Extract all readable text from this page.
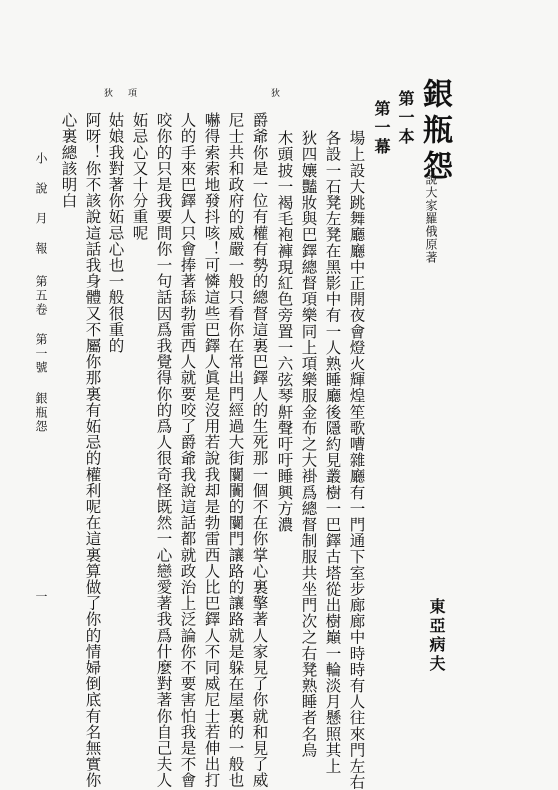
銀瓶怨
小說大家羅俄原著
東亞病夫
第一本
第一幕
場上設大跳舞廳廳中正開夜會燈火輝煌笙歌嘈雜廳有一門通下室步廊廊中時時有人往來門左右
各設一石凳左凳在黑影中有一人熟睡廳後隱約見叢樹一巴鐸古塔從出樹巔一輪淡月懸照其上
狄四孃豔妝與巴鐸總督項樂同上項樂服金布之大褂爲總督制服共坐門次之右凳熟睡者名烏
木頭披一褐毛袍褲現紅色旁置一六弦琴鼾聲吁吁睡興方濃
狄
爵爺你是一位有權有勢的總督這裏巴鐸人的生死那一個不在你掌心裏擎著人家見了你就和見了威
尼士共和政府的威嚴一般只看你在常出門經過大街闤闠的闤門讓路的讓路就是躲在屋裏的一般也
嚇得索索地發抖咳！可憐這些巴鐸人眞是沒用若說我却是勃雷西人比巴鐸人不同威尼士若伸出打
人的手來巴鐸人只會捧著舔勃雷西人就要咬了爵爺我說這話都就政治上泛論你不要害怕我是不會
咬你的只是我要問你一句話因爲我覺得你的爲人很奇怪既然一心戀愛著我爲什麼對著你自己夫人
妬忌心又十分重呢
項
姑娘我對著你妬忌心也一般很重的
狄
阿呀！你不該說這話我身體又不屬你那裏有妬忌的權利呢在這裏算做了你的情婦倒底有名無實你
心裏總該明白
小 說 月 報
第五卷
第一號
銀瓶怨
一
